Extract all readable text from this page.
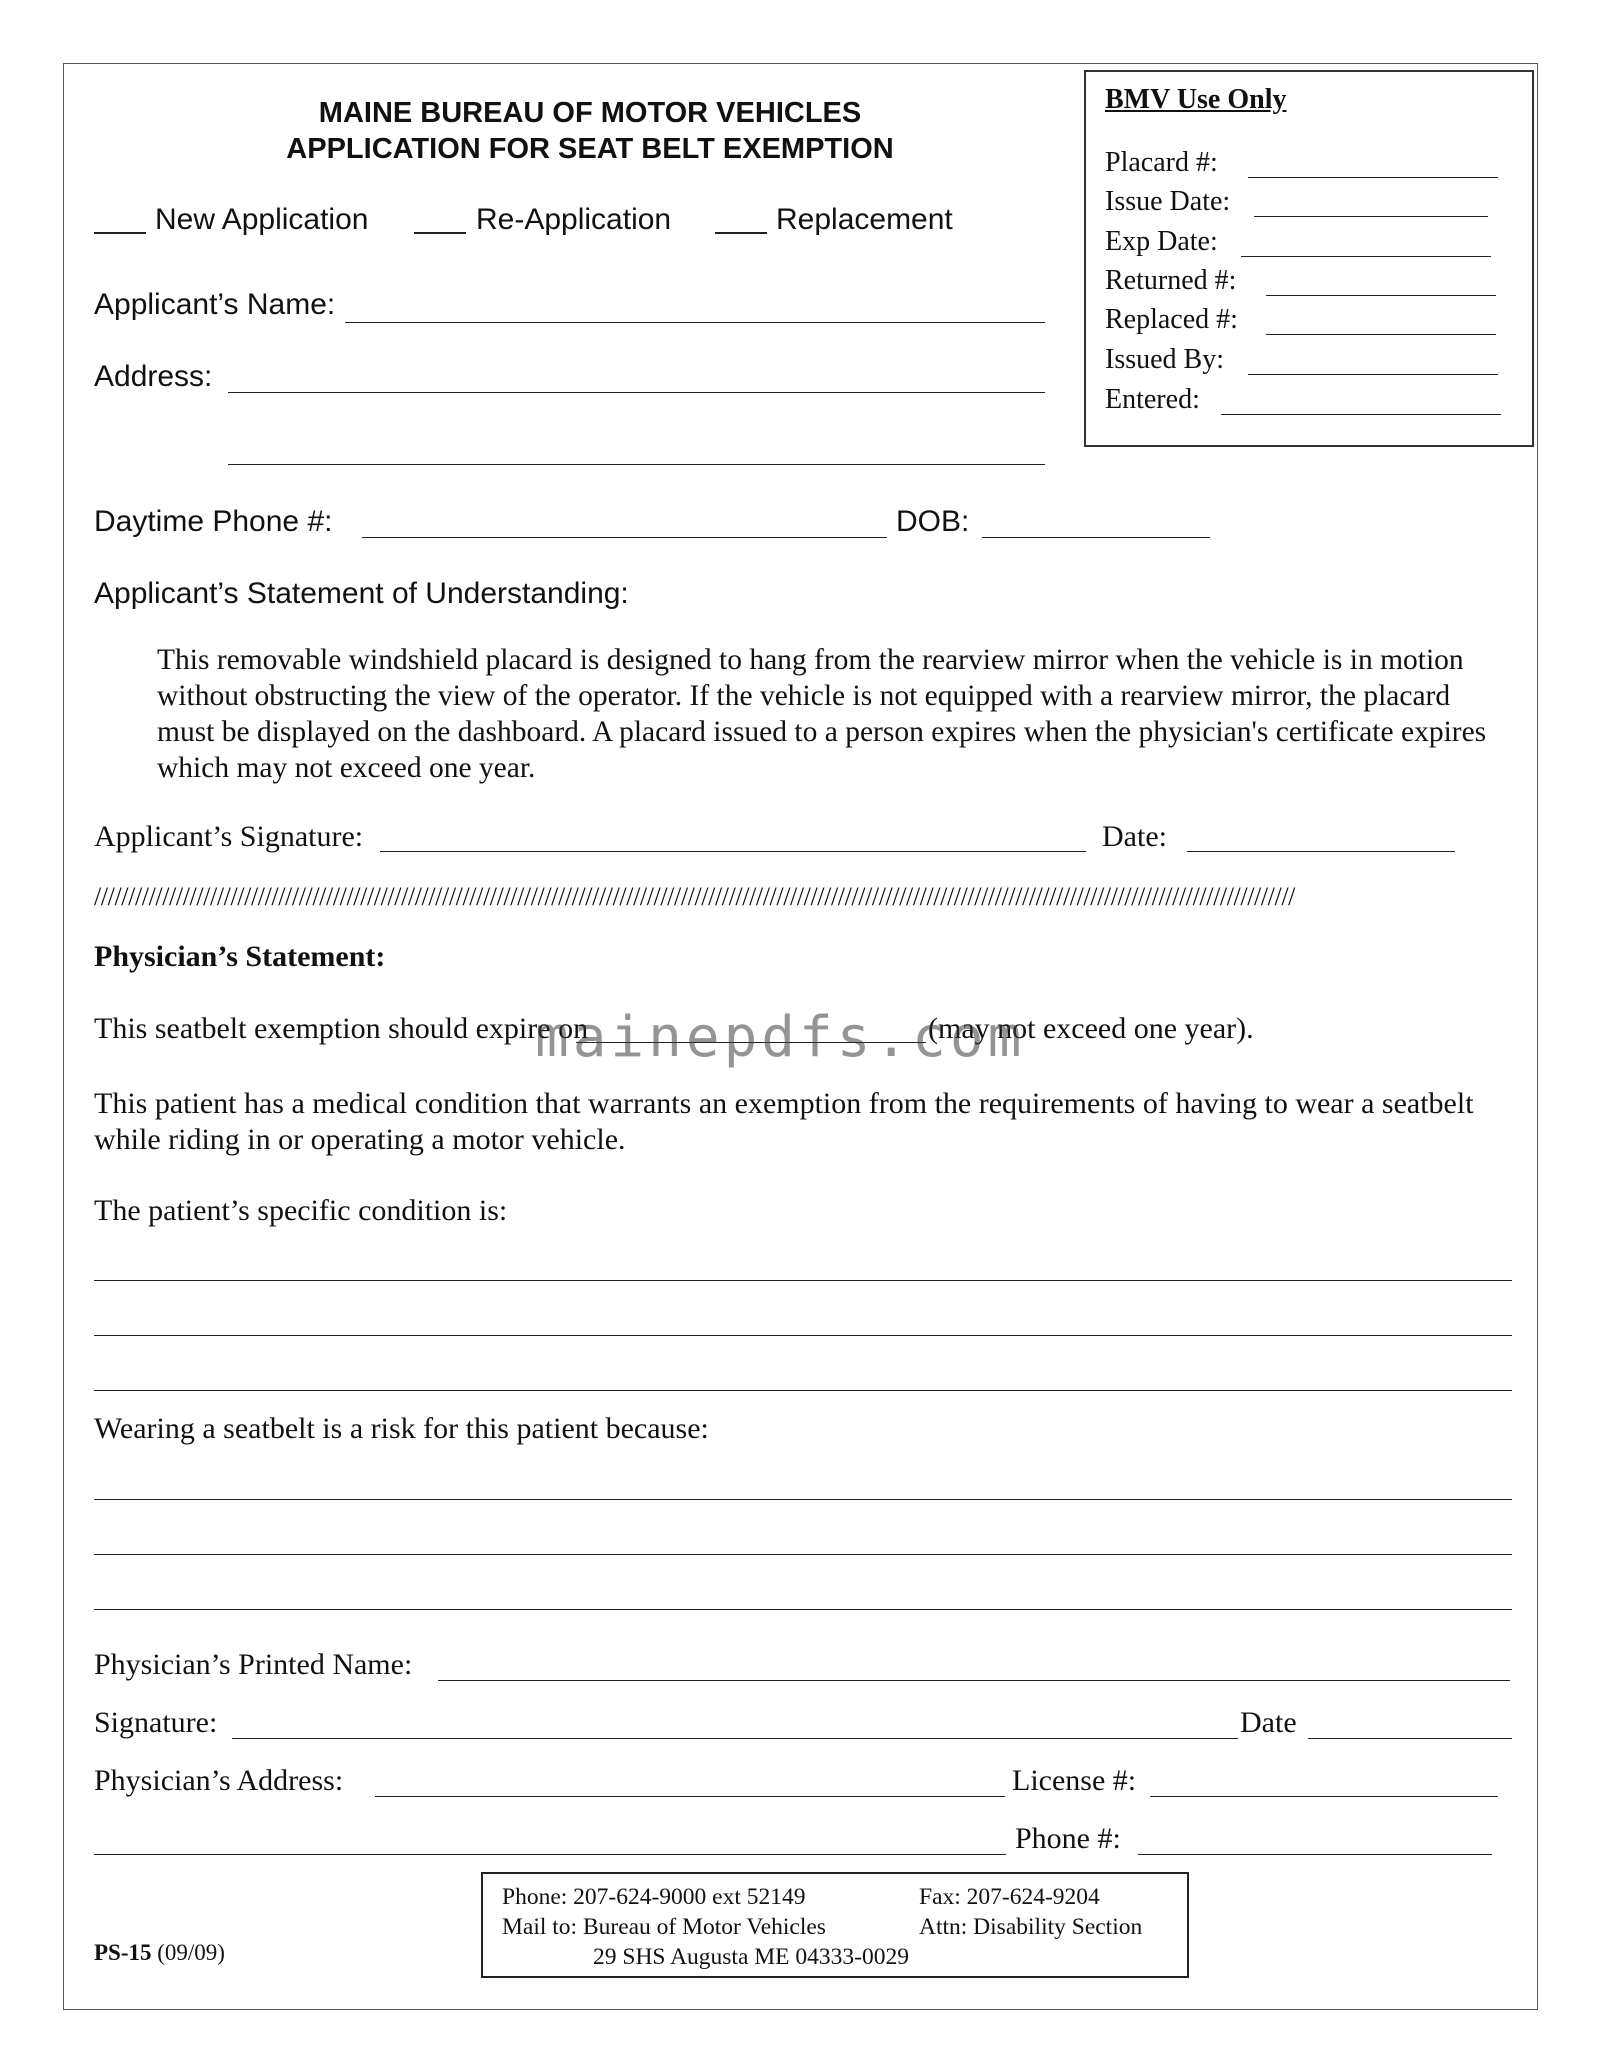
MAINE BUREAU OF MOTOR VEHICLES
APPLICATION FOR SEAT BELT EXEMPTION
New Application	Re-Application	Replacement
Applicant’s Name:
Address:
BMV Use Only
Placard #:
Issue Date:
Exp Date:
Returned #:
Replaced #:
Issued By:
Entered:
Daytime Phone #:	DOB:
Applicant’s Statement of Understanding:
This removable windshield placard is designed to hang from the rearview mirror when the vehicle is in motion without obstructing the view of the operator. If the vehicle is not equipped with a rearview mirror, the placard must be displayed on the dashboard. A placard issued to a person expires when the physician's certificate expires which may not exceed one year.
Applicant’s Signature:	Date:
////////////////////////////////////////////////////////////////////////////////////////////////////////////////////////////////////////////////////////////////////////////////
Physician’s Statement:
This seatbelt exemption should expire on	(may not exceed one year).
mainepdfs.com
This patient has a medical condition that warrants an exemption from the requirements of having to wear a seatbelt while riding in or operating a motor vehicle.
The patient’s specific condition is:
Wearing a seatbelt is a risk for this patient because:
Physician’s Printed Name:
Signature:	Date
Physician’s Address:	License #:
Phone #:
PS-15 (09/09)
Phone: 207-624-9000 ext 52149	Fax: 207-624-9204
Mail to: Bureau of Motor Vehicles	Attn: Disability Section
29 SHS Augusta ME 04333-0029
